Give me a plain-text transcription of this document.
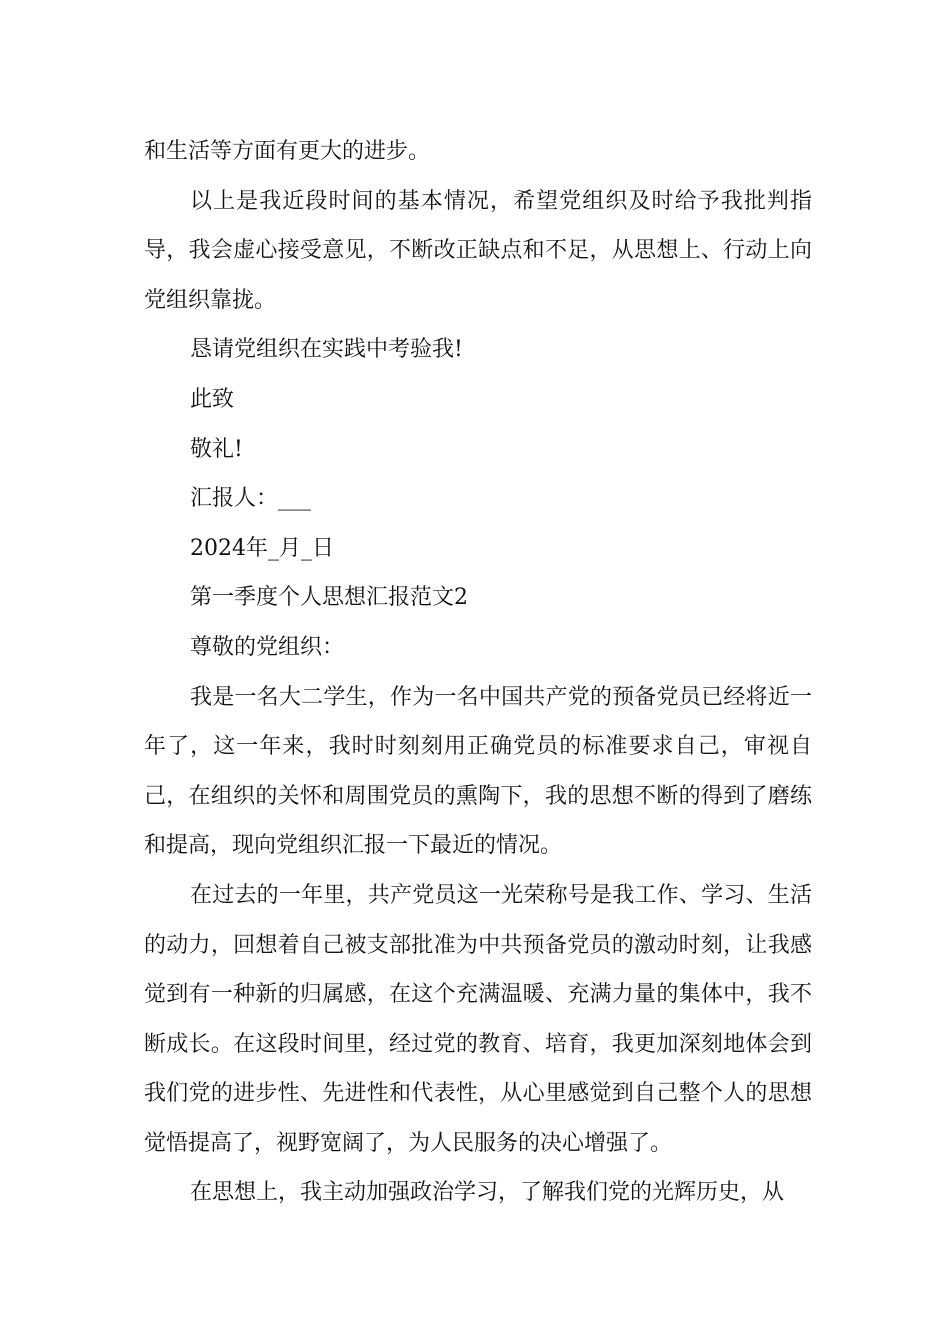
和生活等方面有更大的进步。

以上是我近段时间的基本情况，希望党组织及时给予我批判指导，我会虚心接受意见，不断改正缺点和不足，从思想上、行动上向党组织靠拢。

恳请党组织在实践中考验我!

此致

敬礼!

汇报人：___

2024年_月_日

第一季度个人思想汇报范文2

尊敬的党组织：

我是一名大二学生，作为一名中国共产党的预备党员已经将近一年了，这一年来，我时时刻刻用正确党员的标准要求自己，审视自己，在组织的关怀和周围党员的熏陶下，我的思想不断的得到了磨练和提高，现向党组织汇报一下最近的情况。

在过去的一年里，共产党员这一光荣称号是我工作、学习、生活的动力，回想着自己被支部批准为中共预备党员的激动时刻，让我感觉到有一种新的归属感，在这个充满温暖、充满力量的集体中，我不断成长。在这段时间里，经过党的教育、培育，我更加深刻地体会到我们党的进步性、先进性和代表性，从心里感觉到自己整个人的思想觉悟提高了，视野宽阔了，为人民服务的决心增强了。

在思想上，我主动加强政治学习，了解我们党的光辉历史，从
